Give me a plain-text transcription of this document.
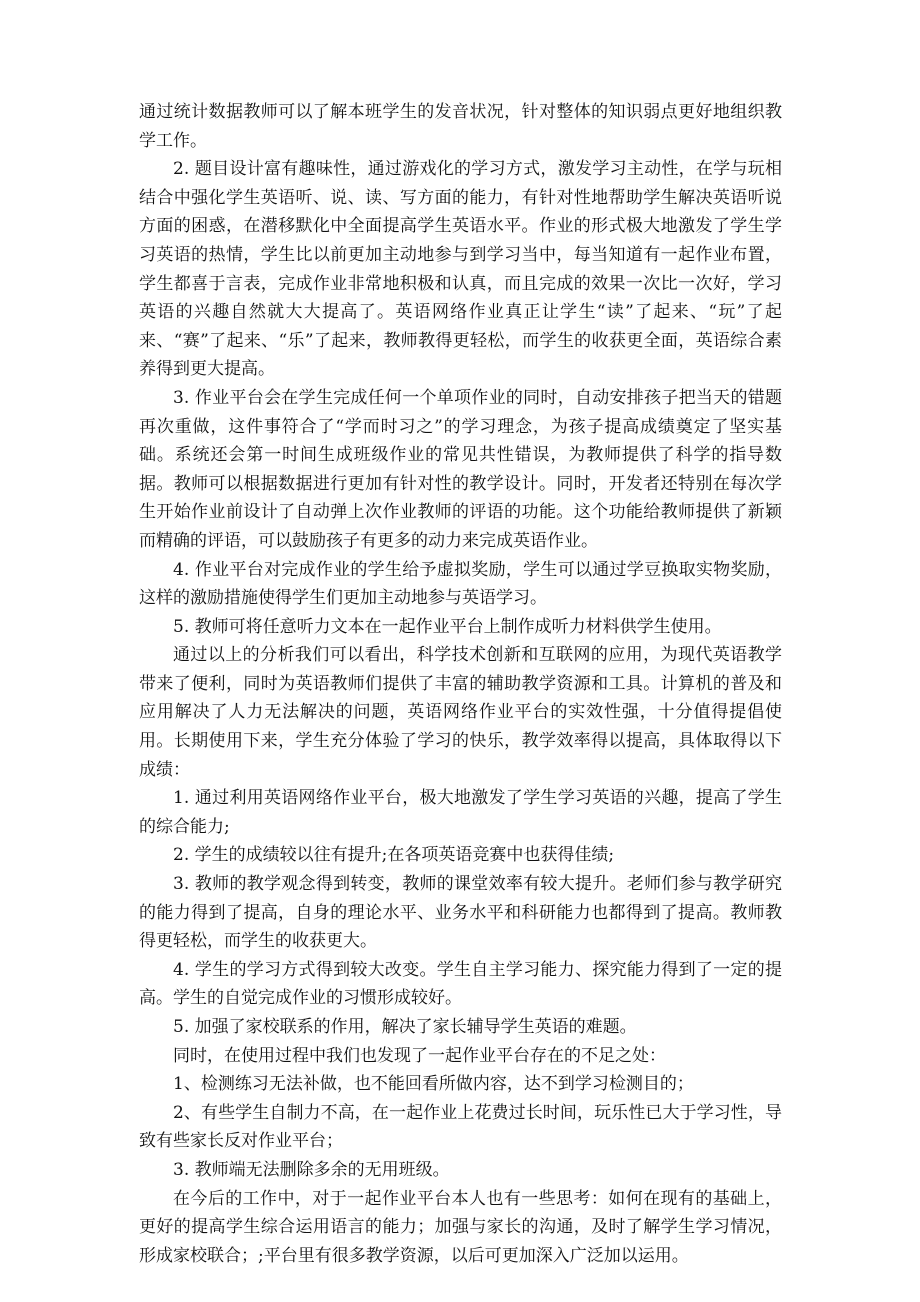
通过统计数据教师可以了解本班学生的发音状况，针对整体的知识弱点更好地组织教学工作。

2. 题目设计富有趣味性，通过游戏化的学习方式，激发学习主动性，在学与玩相结合中强化学生英语听、说、读、写方面的能力，有针对性地帮助学生解决英语听说方面的困惑，在潜移默化中全面提高学生英语水平。作业的形式极大地激发了学生学习英语的热情，学生比以前更加主动地参与到学习当中，每当知道有一起作业布置，学生都喜于言表，完成作业非常地积极和认真，而且完成的效果一次比一次好，学习英语的兴趣自然就大大提高了。英语网络作业真正让学生“读”了起来、“玩”了起来、“赛”了起来、“乐”了起来，教师教得更轻松，而学生的收获更全面，英语综合素养得到更大提高。

3. 作业平台会在学生完成任何一个单项作业的同时，自动安排孩子把当天的错题再次重做，这件事符合了“学而时习之”的学习理念，为孩子提高成绩奠定了坚实基础。系统还会第一时间生成班级作业的常见共性错误，为教师提供了科学的指导数据。教师可以根据数据进行更加有针对性的教学设计。同时，开发者还特别在每次学生开始作业前设计了自动弹上次作业教师的评语的功能。这个功能给教师提供了新颖而精确的评语，可以鼓励孩子有更多的动力来完成英语作业。

4. 作业平台对完成作业的学生给予虚拟奖励，学生可以通过学豆换取实物奖励，这样的激励措施使得学生们更加主动地参与英语学习。

5. 教师可将任意听力文本在一起作业平台上制作成听力材料供学生使用。

通过以上的分析我们可以看出，科学技术创新和互联网的应用，为现代英语教学带来了便利，同时为英语教师们提供了丰富的辅助教学资源和工具。计算机的普及和应用解决了人力无法解决的问题，英语网络作业平台的实效性强，十分值得提倡使用。长期使用下来，学生充分体验了学习的快乐，教学效率得以提高，具体取得以下成绩：

1. 通过利用英语网络作业平台，极大地激发了学生学习英语的兴趣，提高了学生的综合能力;

2. 学生的成绩较以往有提升;在各项英语竞赛中也获得佳绩;

3. 教师的教学观念得到转变，教师的课堂效率有较大提升。老师们参与教学研究的能力得到了提高，自身的理论水平、业务水平和科研能力也都得到了提高。教师教得更轻松，而学生的收获更大。

4. 学生的学习方式得到较大改变。学生自主学习能力、探究能力得到了一定的提高。学生的自觉完成作业的习惯形成较好。

5. 加强了家校联系的作用，解决了家长辅导学生英语的难题。

同时，在使用过程中我们也发现了一起作业平台存在的不足之处：

1、检测练习无法补做，也不能回看所做内容，达不到学习检测目的；

2、有些学生自制力不高，在一起作业上花费过长时间，玩乐性已大于学习性，导致有些家长反对作业平台；

3. 教师端无法删除多余的无用班级。

在今后的工作中，对于一起作业平台本人也有一些思考：如何在现有的基础上，更好的提高学生综合运用语言的能力；加强与家长的沟通，及时了解学生学习情况，形成家校联合；;平台里有很多教学资源，以后可更加深入广泛加以运用。
